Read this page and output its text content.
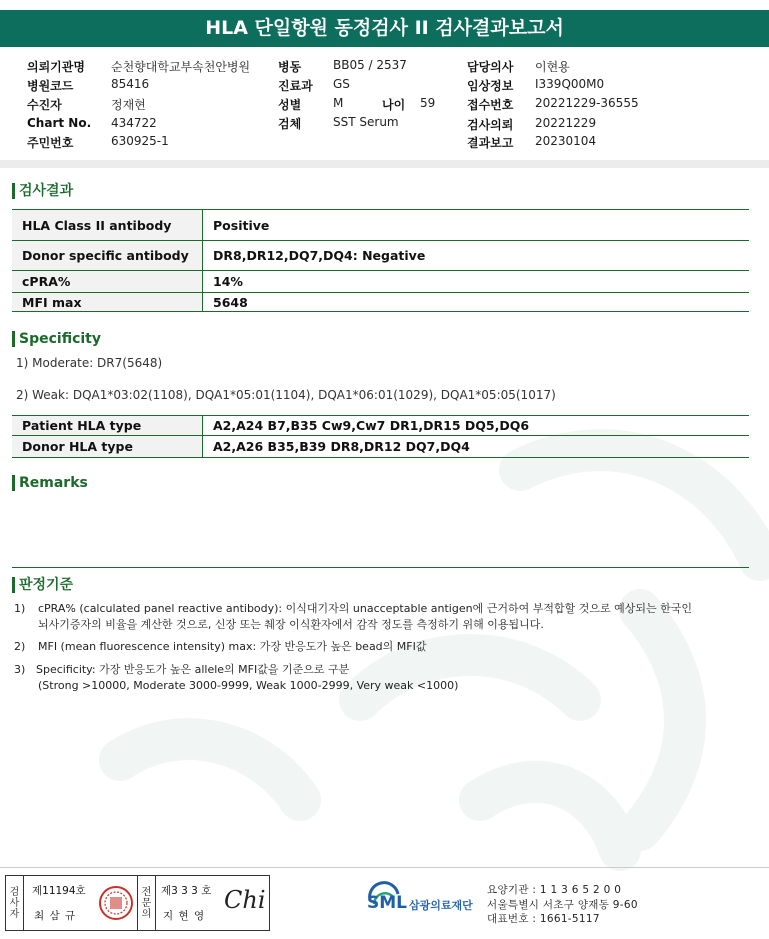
HLA 단일항원 동정검사 II 검사결과보고서
의뢰기관명 순천향대학교부속천안병원
병원코드	85416
수진자	정재현
Chart No. 434722
주민번호	630925-1
병동	BB05 / 2537
진료과 GS
성별	M	나이 59
검체	SST Serum
담당의사 이현용
임상정보 I339Q00M0
접수번호 20221229-36555
검사의뢰 20221229
결과보고 20230104
검사결과
HLA Class II antibody	Positive
Donor specific antibody	DR8,DR12,DQ7,DQ4: Negative
cPRA%	14%
MFI max	5648
Specificity
1) Moderate: DR7(5648)
2) Weak: DQA1*03:02(1108), DQA1*05:01(1104), DQA1*06:01(1029), DQA1*05:05(1017)
Patient HLA type	A2,A24 B7,B35 Cw9,Cw7 DR1,DR15 DQ5,DQ6
Donor HLA type	A2,A26 B35,B39 DR8,DR12 DQ7,DQ4
Remarks
판정기준
1) cPRA% (calculated panel reactive antibody): 이식대기자의 unacceptable antigen에 근거하여 부적합할 것으로 예상되는 한국인
뇌사기증자의 비율을 계산한 것으로, 신장 또는 췌장 이식환자에서 감작 정도를 측정하기 위해 이용됩니다.
2) MFI (mean fluorescence intensity) max: 가장 반응도가 높은 bead의 MFI값
3) Specificity: 가장 반응도가 높은 allele의 MFI값을 기준으로 구분
(Strong >10000, Moderate 3000-9999, Weak 1000-2999, Very weak <1000)
검사자
제11194호
최 삼 규
전문의
제3 3 3 호
지 현 영
Chi	SML 삼광의료재단
요양기관 : 1 1 3 6 5 2 0 0
서울특별시 서초구 양재동 9-60
대표번호 : 1661-5117
